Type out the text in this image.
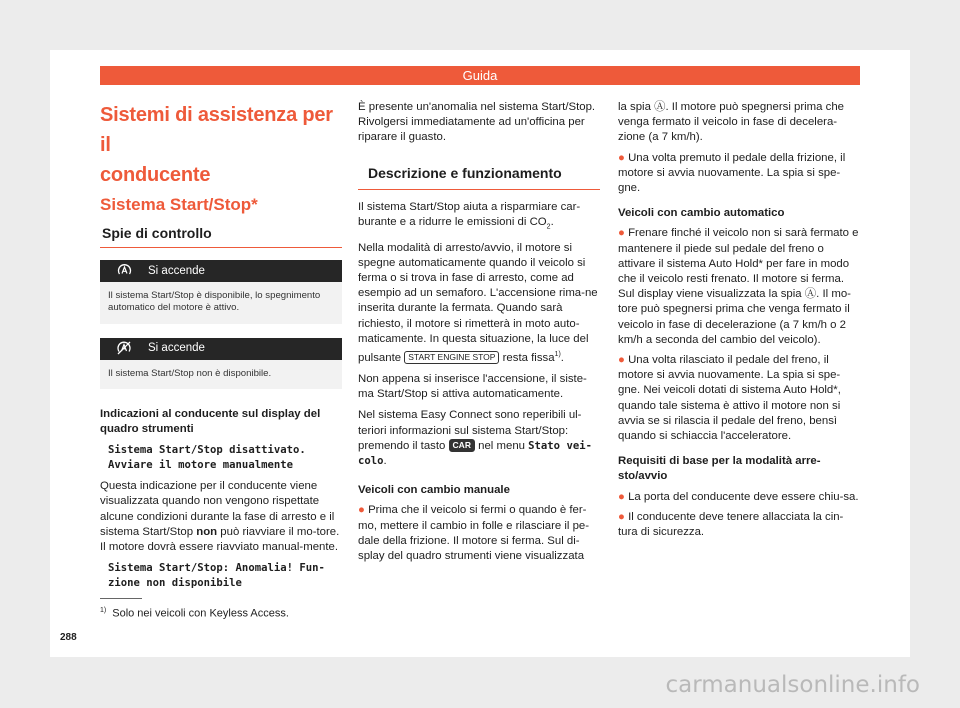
Guida
Sistemi di assistenza per il
conducente
Sistema Start/Stop*
Spie di controllo
Si accende
Il sistema Start/Stop è disponibile, lo spegnimento automatico del motore è attivo.
Si accende
Il sistema Start/Stop non è disponibile.
Indicazioni al conducente sul display del quadro strumenti
Sistema Start/Stop disattivato.
Avviare il motore manualmente

Questa indicazione per il conducente viene visualizzata quando non vengono rispettate alcune condizioni durante la fase di arresto e il sistema Start/Stop non può riavviare il mo-tore. Il motore dovrà essere riavviato manual-mente.

Sistema Start/Stop: Anomalia! Fun-
zione non disponibile

È presente un'anomalia nel sistema Start/Stop. Rivolgersi immediatamente ad un'officina per riparare il guasto.

Descrizione e funzionamento

Il sistema Start/Stop aiuta a risparmiare car-burante e a ridurre le emissioni di $CO_2$.

Nella modalità di arresto/avvio, il motore si spegne automaticamente quando il veicolo si ferma o si trova in fase di arresto, come ad esempio ad un semaforo. L'accensione rima-ne inserita durante la fermata. Quando sarà richiesto, il motore si rimetterà in moto auto-maticamente. In questa situazione, la luce del pulsante START ENGINE STOP resta fissa$^{1)}$.

Non appena si inserisce l'accensione, il siste-ma Start/Stop si attiva automaticamente.

Nel sistema Easy Connect sono reperibili ul-teriori informazioni sul sistema Start/Stop: premendo il tasto CAR nel menu Stato vei-colo.

Veicoli con cambio manuale

● Prima che il veicolo si fermi o quando è fer-mo, mettere il cambio in folle e rilasciare il pe-dale della frizione. Il motore si ferma. Sul di-splay del quadro strumenti viene visualizzata

la spia Ⓐ. Il motore può spegnersi prima che venga fermato il veicolo in fase di decelera-zione (a 7 km/h).

● Una volta premuto il pedale della frizione, il motore si avvia nuovamente. La spia si spe-gne.

Veicoli con cambio automatico

● Frenare finché il veicolo non si sarà fermato e mantenere il piede sul pedale del freno o attivare il sistema Auto Hold* per fare in modo che il veicolo resti frenato. Il motore si ferma. Sul display viene visualizzata la spia Ⓐ. Il mo-tore può spegnersi prima che venga fermato il veicolo in fase di decelerazione (a 7 km/h o 2 km/h a seconda del cambio del veicolo).

● Una volta rilasciato il pedale del freno, il motore si avvia nuovamente. La spia si spe-gne. Nei veicoli dotati di sistema Auto Hold*, quando tale sistema è attivo il motore non si avvia se si rilascia il pedale del freno, bensì quando si schiaccia l'acceleratore.

Requisiti di base per la modalità arre-sto/avvio

● La porta del conducente deve essere chiu-sa.

● Il conducente deve tenere allacciata la cin-tura di sicurezza.

$^{1)}$ Solo nei veicoli con Keyless Access.
288
carmanualsonline.info
